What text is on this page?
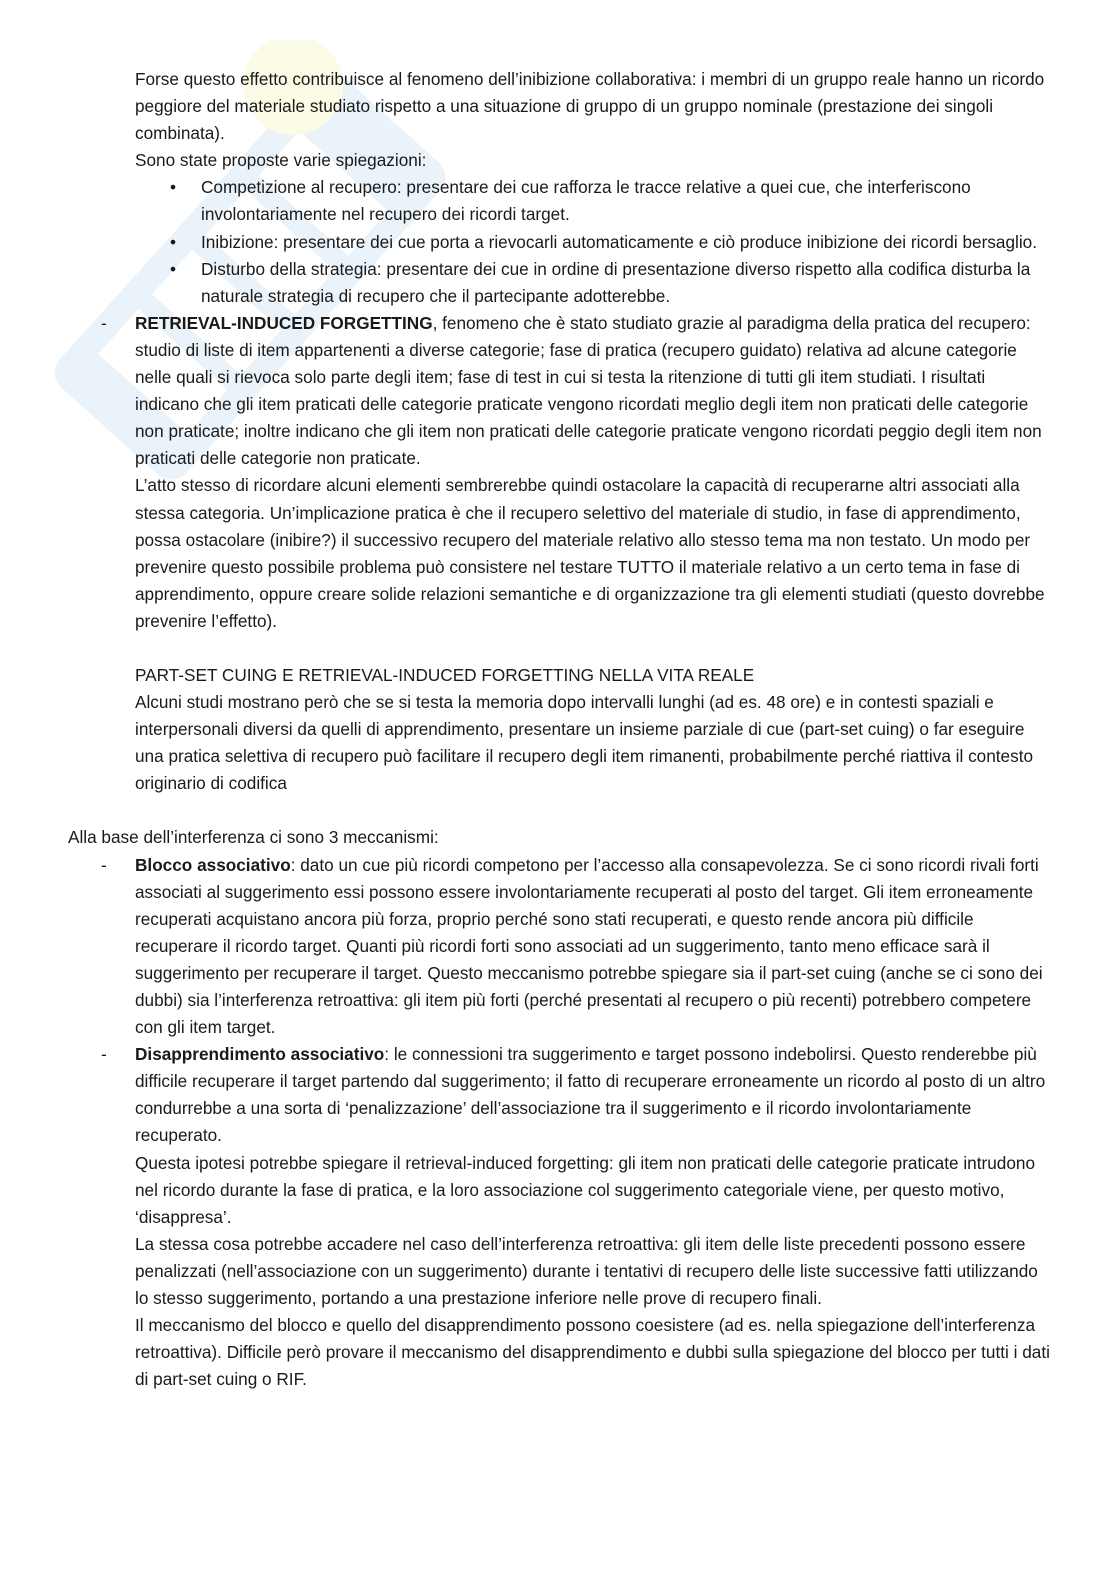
Forse questo effetto contribuisce al fenomeno dell’inibizione collaborativa: i membri di un gruppo reale hanno un ricordo peggiore del materiale studiato rispetto a una situazione di gruppo di un gruppo nominale (prestazione dei singoli combinata).

Sono state proposte varie spiegazioni:

• Competizione al recupero: presentare dei cue rafforza le tracce relative a quei cue, che interferiscono involontariamente nel recupero dei ricordi target.

• Inibizione: presentare dei cue porta a rievocarli automaticamente e ciò produce inibizione dei ricordi bersaglio.

• Disturbo della strategia: presentare dei cue in ordine di presentazione diverso rispetto alla codifica disturba la naturale strategia di recupero che il partecipante adotterebbe.

- RETRIEVAL-INDUCED FORGETTING, fenomeno che è stato studiato grazie al paradigma della pratica del recupero: studio di liste di item appartenenti a diverse categorie; fase di pratica (recupero guidato) relativa ad alcune categorie nelle quali si rievoca solo parte degli item; fase di test in cui si testa la ritenzione di tutti gli item studiati. I risultati indicano che gli item praticati delle categorie praticate vengono ricordati meglio degli item non praticati delle categorie non praticate; inoltre indicano che gli item non praticati delle categorie praticate vengono ricordati peggio degli item non praticati delle categorie non praticate.

L’atto stesso di ricordare alcuni elementi sembrerebbe quindi ostacolare la capacità di recuperarne altri associati alla stessa categoria. Un’implicazione pratica è che il recupero selettivo del materiale di studio, in fase di apprendimento, possa ostacolare (inibire?) il successivo recupero del materiale relativo allo stesso tema ma non testato. Un modo per prevenire questo possibile problema può consistere nel testare TUTTO il materiale relativo a un certo tema in fase di apprendimento, oppure creare solide relazioni semantiche e di organizzazione tra gli elementi studiati (questo dovrebbe prevenire l’effetto).

PART-SET CUING E RETRIEVAL-INDUCED FORGETTING NELLA VITA REALE

Alcuni studi mostrano però che se si testa la memoria dopo intervalli lunghi (ad es. 48 ore) e in contesti spaziali e interpersonali diversi da quelli di apprendimento, presentare un insieme parziale di cue (part-set cuing) o far eseguire una pratica selettiva di recupero può facilitare il recupero degli item rimanenti, probabilmente perché riattiva il contesto originario di codifica

Alla base dell’interferenza ci sono 3 meccanismi:

- Blocco associativo: dato un cue più ricordi competono per l’accesso alla consapevolezza. Se ci sono ricordi rivali forti associati al suggerimento essi possono essere involontariamente recuperati al posto del target. Gli item erroneamente recuperati acquistano ancora più forza, proprio perché sono stati recuperati, e questo rende ancora più difficile recuperare il ricordo target. Quanti più ricordi forti sono associati ad un suggerimento, tanto meno efficace sarà il suggerimento per recuperare il target. Questo meccanismo potrebbe spiegare sia il part-set cuing (anche se ci sono dei dubbi) sia l’interferenza retroattiva: gli item più forti (perché presentati al recupero o più recenti) potrebbero competere con gli item target.

- Disapprendimento associativo: le connessioni tra suggerimento e target possono indebolirsi. Questo renderebbe più difficile recuperare il target partendo dal suggerimento; il fatto di recuperare erroneamente un ricordo al posto di un altro condurrebbe a una sorta di ‘penalizzazione’ dell’associazione tra il suggerimento e il ricordo involontariamente recuperato.

Questa ipotesi potrebbe spiegare il retrieval-induced forgetting: gli item non praticati delle categorie praticate intrudono nel ricordo durante la fase di pratica, e la loro associazione col suggerimento categoriale viene, per questo motivo, ‘disappresa’.

La stessa cosa potrebbe accadere nel caso dell’interferenza retroattiva: gli item delle liste precedenti possono essere penalizzati (nell’associazione con un suggerimento) durante i tentativi di recupero delle liste successive fatti utilizzando lo stesso suggerimento, portando a una prestazione inferiore nelle prove di recupero finali.

Il meccanismo del blocco e quello del disapprendimento possono coesistere (ad es. nella spiegazione dell’interferenza retroattiva). Difficile però provare il meccanismo del disapprendimento e dubbi sulla spiegazione del blocco per tutti i dati di part-set cuing o RIF.
